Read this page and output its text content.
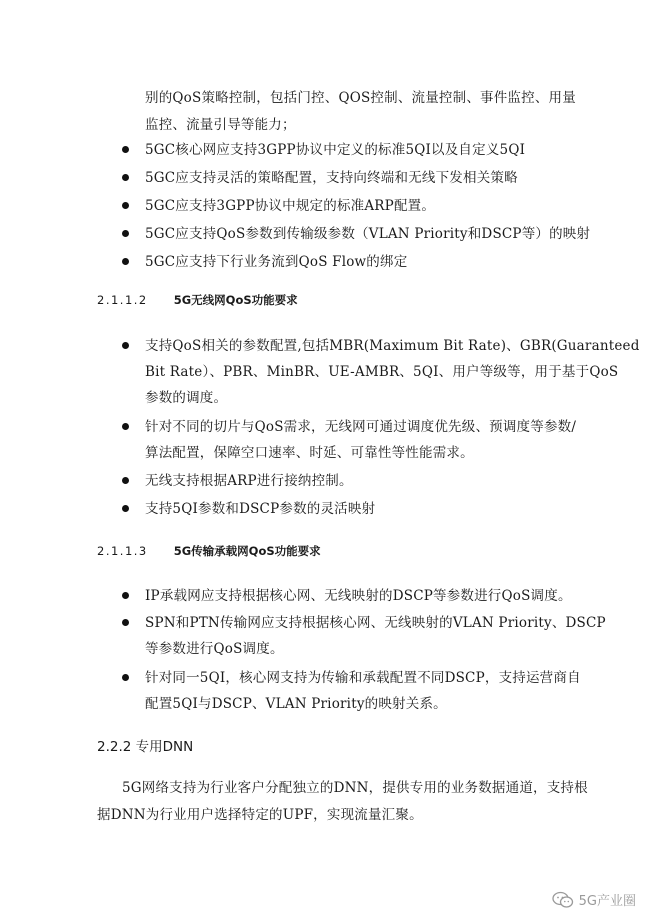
别的QoS策略控制，包括门控、QOS控制、流量控制、事件监控、用量
监控、流量引导等能力；
5GC核心网应支持3GPP协议中定义的标准5QI以及自定义5QI
5GC应支持灵活的策略配置，支持向终端和无线下发相关策略
5GC应支持3GPP协议中规定的标准ARP配置。
5GC应支持QoS参数到传输级参数（VLAN Priority和DSCP等）的映射
5GC应支持下行业务流到QoS Flow的绑定
2.1.1.2 5G无线网QoS功能要求
支持QoS相关的参数配置,包括MBR(Maximum Bit Rate)、GBR(Guaranteed
Bit Rate）、PBR、MinBR、UE-AMBR、5QI、用户等级等，用于基于QoS
参数的调度。
针对不同的切片与QoS需求，无线网可通过调度优先级、预调度等参数/
算法配置，保障空口速率、时延、可靠性等性能需求。
无线支持根据ARP进行接纳控制。
支持5QI参数和DSCP参数的灵活映射
2.1.1.3 5G传输承载网QoS功能要求
IP承载网应支持根据核心网、无线映射的DSCP等参数进行QoS调度。
SPN和PTN传输网应支持根据核心网、无线映射的VLAN Priority、DSCP
等参数进行QoS调度。
针对同一5QI，核心网支持为传输和承载配置不同DSCP，支持运营商自
配置5QI与DSCP、VLAN Priority的映射关系。
2.2.2 专用DNN
5G网络支持为行业客户分配独立的DNN，提供专用的业务数据通道，支持根
据DNN为行业用户选择特定的UPF，实现流量汇聚。
5G产业圈
